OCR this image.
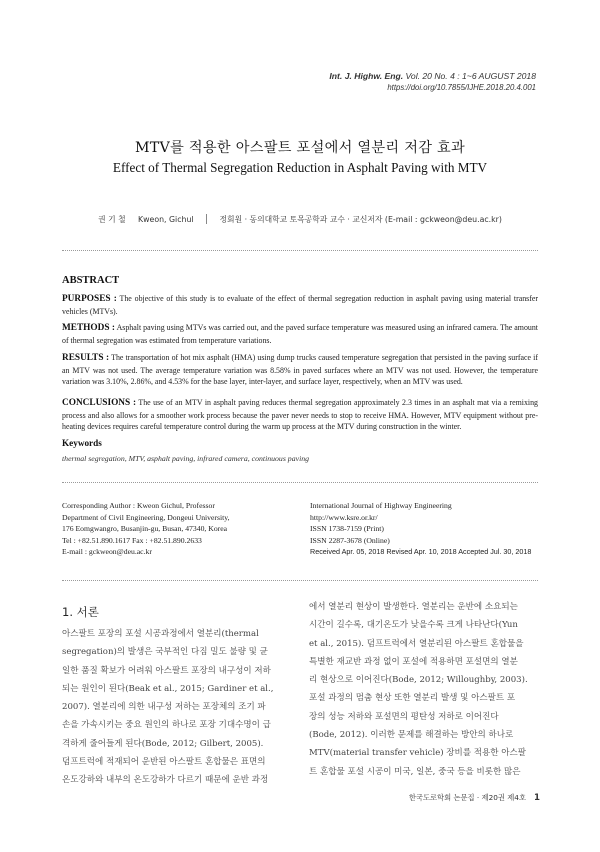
Int. J. Highw. Eng. Vol. 20 No. 4 : 1~6 AUGUST 2018
https://doi.org/10.7855/IJHE.2018.20.4.001
MTV를 적용한 아스팔트 포설에서 열분리 저감 효과
Effect of Thermal Segregation Reduction in Asphalt Paving with MTV
권 기 철 Kweon, Gichul	정회원 · 동의대학교 토목공학과 교수 · 교신저자 (E-mail : gckweon@deu.ac.kr)
ABSTRACT
PURPOSES : The objective of this study is to evaluate of the effect of thermal segregation reduction in asphalt paving using material transfer vehicles (MTVs).
METHODS : Asphalt paving using MTVs was carried out, and the paved surface temperature was measured using an infrared camera. The amount of thermal segregation was estimated from temperature variations.
RESULTS : The transportation of hot mix asphalt (HMA) using dump trucks caused temperature segregation that persisted in the paving surface if an MTV was not used. The average temperature variation was 8.58% in paved surfaces where an MTV was not used. However, the temperature variation was 3.10%, 2.86%, and 4.53% for the base layer, inter-layer, and surface layer, respectively, when an MTV was used.
CONCLUSIONS : The use of an MTV in asphalt paving reduces thermal segregation approximately 2.3 times in an asphalt mat via a remixing process and also allows for a smoother work process because the paver never needs to stop to receive HMA. However, MTV equipment without pre-heating devices requires careful temperature control during the warm up process at the MTV during construction in the winter.
Keywords
thermal segregation, MTV, asphalt paving, infrared camera, continuous paving
Corresponding Author : Kweon Gichul, Professor
Department of Civil Engineering, Dongeui University,
176 Eomgwangro, Busanjin-gu, Busan, 47340, Korea
Tel : +82.51.890.1617 Fax : +82.51.890.2633
E-mail : gckweon@deu.ac.kr
International Journal of Highway Engineering
http://www.ksre.or.kr/
ISSN 1738-7159 (Print)
ISSN 2287-3678 (Online)
Received Apr. 05, 2018 Revised Apr. 10, 2018 Accepted Jul. 30, 2018
1. 서론
아스팔트 포장의 포설 시공과정에서 열분리(thermal
segregation)의 발생은 국부적인 다짐 밀도 불량 및 균
일한 품질 확보가 어려워 아스팔트 포장의 내구성이 저하
되는 원인이 된다(Beak et al., 2015; Gardiner et al.,
2007). 열분리에 의한 내구성 저하는 포장체의 조기 파
손을 가속시키는 중요 원인의 하나로 포장 기대수명이 급
격하게 줄어들게 된다(Bode, 2012; Gilbert, 2005).
덤프트럭에 적재되어 운반된 아스팔트 혼합물은 표면의
온도강하와 내부의 온도강하가 다르기 때문에 운반 과정
에서 열분리 현상이 발생한다. 열분리는 운반에 소요되는
시간이 길수록, 대기온도가 낮을수록 크게 나타난다(Yun
et al., 2015). 덤프트럭에서 열분리된 아스팔트 혼합물을
특별한 재교반 과정 없이 포설에 적용하면 포설면의 열분
리 현상으로 이어진다(Bode, 2012; Willoughby, 2003).
포설 과정의 멈춤 현상 또한 열분리 발생 및 아스팔트 포
장의 성능 저하와 포설면의 평탄성 저하로 이어진다
(Bode, 2012). 이러한 문제를 해결하는 방안의 하나로
MTV(material transfer vehicle) 장비를 적용한 아스팔
트 혼합물 포설 시공이 미국, 일본, 중국 등을 비롯한 많은
한국도로학회 논문집 · 제20권 제4호 1
